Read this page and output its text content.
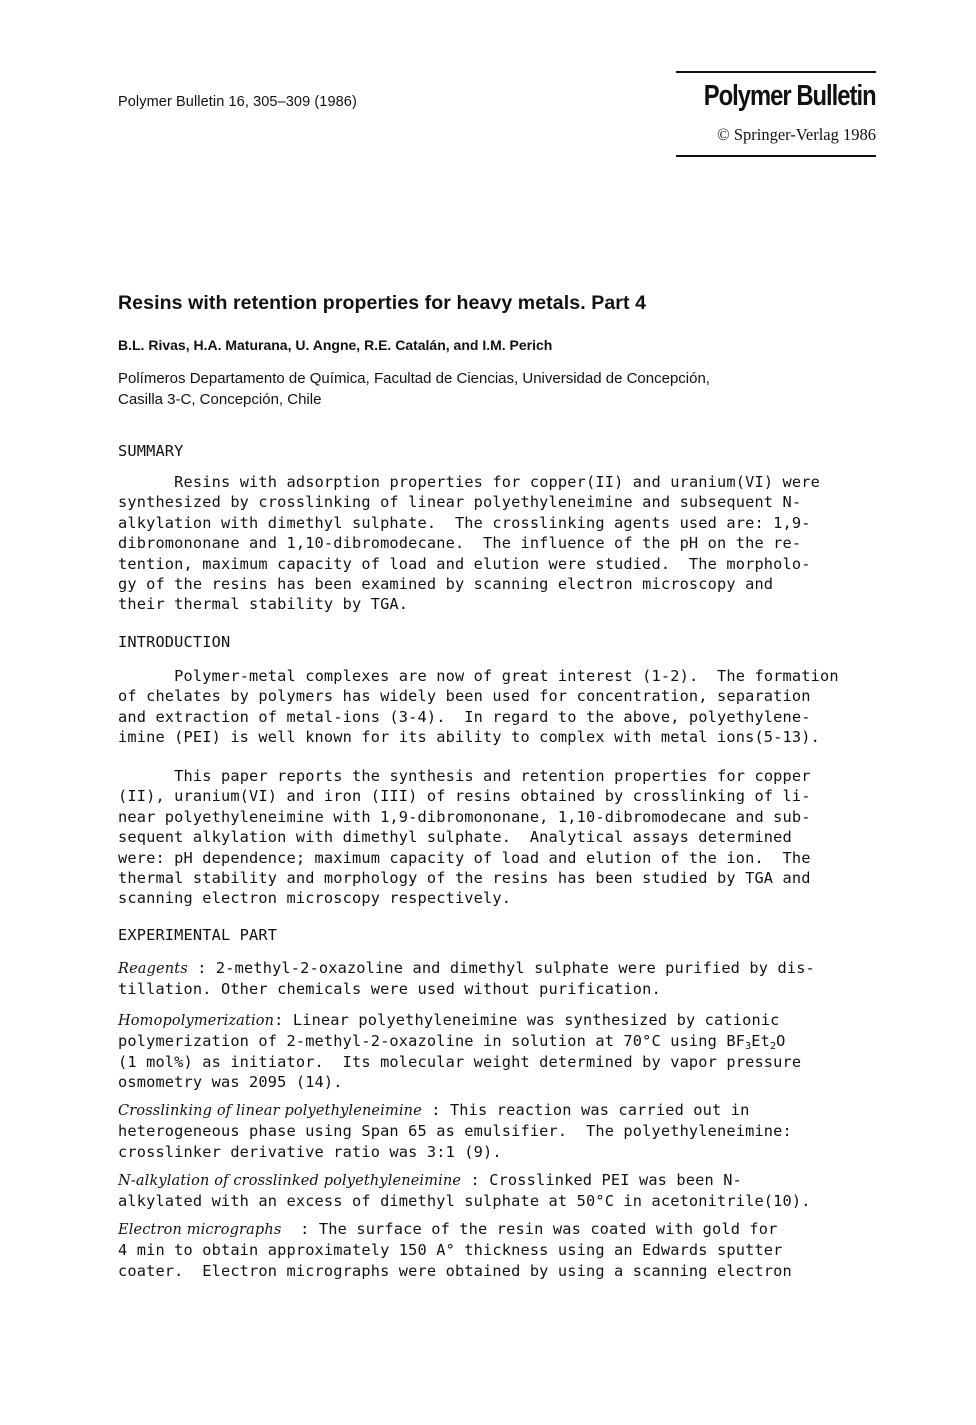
Polymer Bulletin 16, 305–309 (1986)	Polymer Bulletin
© Springer-Verlag 1986
Resins with retention properties for heavy metals. Part 4
B.L. Rivas, H.A. Maturana, U. Angne, R.E. Catalán, and I.M. Perich
Polímeros Departamento de Química, Facultad de Ciencias, Universidad de Concepción,
Casilla 3-C, Concepción, Chile
SUMMARY
Resins with adsorption properties for copper(II) and uranium(VI) were
synthesized by crosslinking of linear polyethyleneimine and subsequent N-
alkylation with dimethyl sulphate.  The crosslinking agents used are: 1,9-
dibromononane and 1,10-dibromodecane.  The influence of the pH on the re-
tention, maximum capacity of load and elution were studied.  The morpholo-
gy of the resins has been examined by scanning electron microscopy and
their thermal stability by TGA.
INTRODUCTION
Polymer-metal complexes are now of great interest (1-2).  The formation
of chelates by polymers has widely been used for concentration, separation
and extraction of metal-ions (3-4).  In regard to the above, polyethylene-
imine (PEI) is well known for its ability to complex with metal ions(5-13).
This paper reports the synthesis and retention properties for copper
(II), uranium(VI) and iron (III) of resins obtained by crosslinking of li-
near polyethyleneimine with 1,9-dibromononane, 1,10-dibromodecane and sub-
sequent alkylation with dimethyl sulphate.  Analytical assays determined
were: pH dependence; maximum capacity of load and elution of the ion.  The
thermal stability and morphology of the resins has been studied by TGA and
scanning electron microscopy respectively.
EXPERIMENTAL PART
Reagents : 2-methyl-2-oxazoline and dimethyl sulphate were purified by dis-
tillation. Other chemicals were used without purification.
Homopolymerization: Linear polyethyleneimine was synthesized by cationic
polymerization of 2-methyl-2-oxazoline in solution at 70°C using $BF_3Et_2O$
(1 mol%) as initiator.  Its molecular weight determined by vapor pressure
osmometry was 2095 (14).
Crosslinking of linear polyethyleneimine : This reaction was carried out in
heterogeneous phase using Span 65 as emulsifier.  The polyethyleneimine:
crosslinker derivative ratio was 3:1 (9).
N-alkylation of crosslinked polyethyleneimine : Crosslinked PEI was been N-
alkylated with an excess of dimethyl sulphate at 50°C in acetonitrile(10).
Electron micrographs  : The surface of the resin was coated with gold for
4 min to obtain approximately 150 A° thickness using an Edwards sputter
coater.  Electron micrographs were obtained by using a scanning electron
